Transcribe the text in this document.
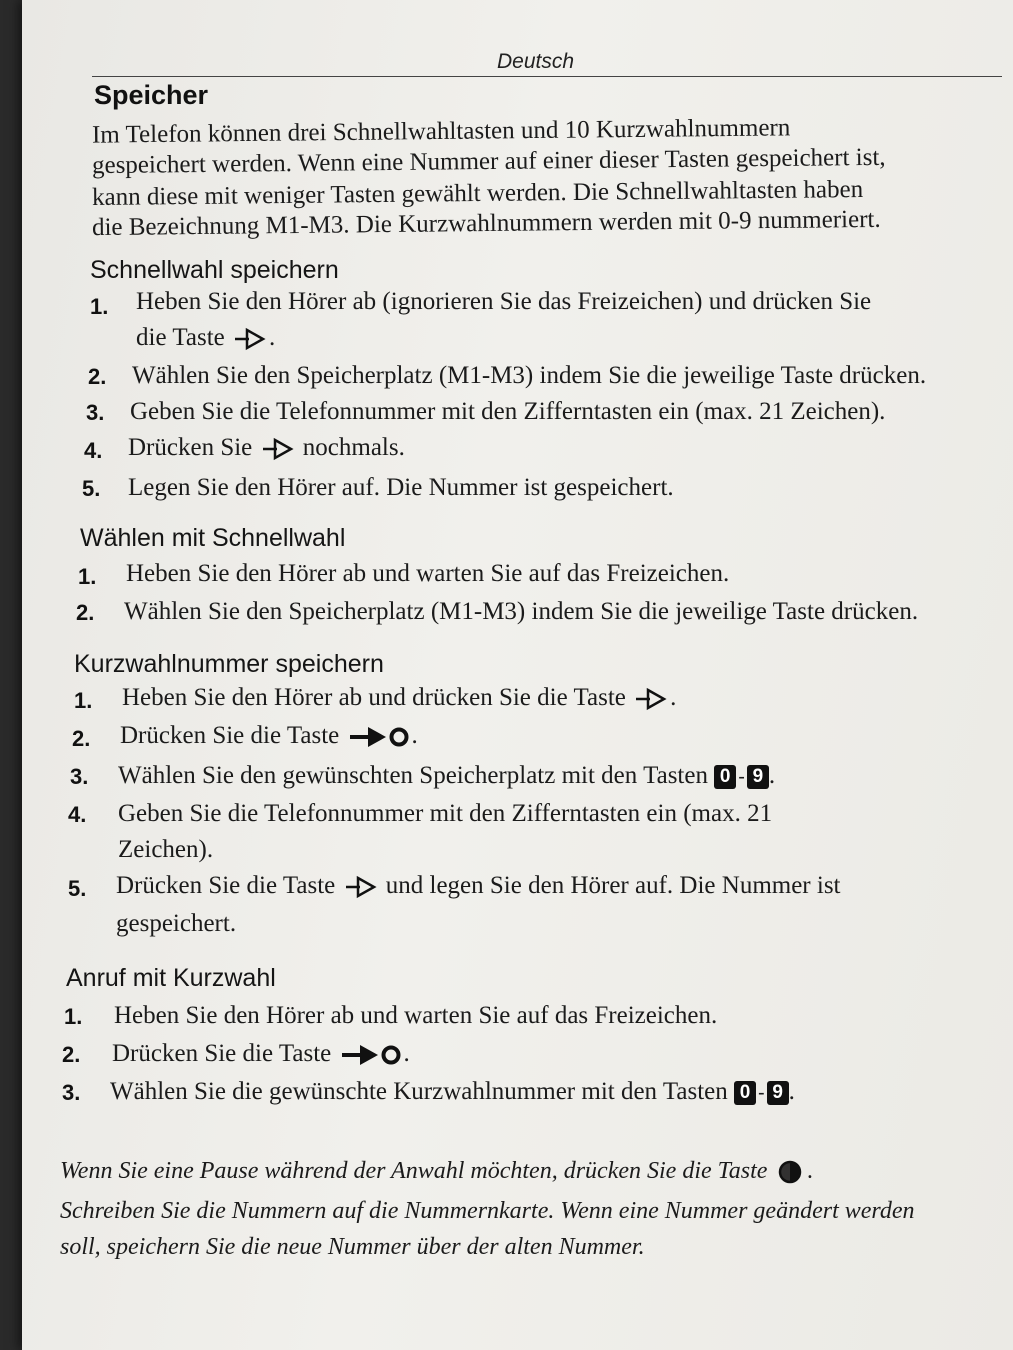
Deutsch
Speicher
Im Telefon können drei Schnellwahltasten und 10 Kurzwahlnummern
gespeichert werden. Wenn eine Nummer auf einer dieser Tasten gespeichert ist,
kann diese mit weniger Tasten gewählt werden. Die Schnellwahltasten haben
die Bezeichnung M1-M3. Die Kurzwahlnummern werden mit 0-9 nummeriert.
Schnellwahl speichern
1. Heben Sie den Hörer ab (ignorieren Sie das Freizeichen) und drücken Sie
die Taste .
2. Wählen Sie den Speicherplatz (M1-M3) indem Sie die jeweilige Taste drücken.
3. Geben Sie die Telefonnummer mit den Zifferntasten ein (max. 21 Zeichen).
4. Drücken Sie nochmals.
5. Legen Sie den Hörer auf. Die Nummer ist gespeichert.
Wählen mit Schnellwahl
1. Heben Sie den Hörer ab und warten Sie auf das Freizeichen.
2. Wählen Sie den Speicherplatz (M1-M3) indem Sie die jeweilige Taste drücken.
Kurzwahlnummer speichern
1. Heben Sie den Hörer ab und drücken Sie die Taste .
2. Drücken Sie die Taste	.
3. Wählen Sie den gewünschten Speicherplatz mit den Tasten 0 - 9 .
4. Geben Sie die Telefonnummer mit den Zifferntasten ein (max. 21
Zeichen).
5. Drücken Sie die Taste und legen Sie den Hörer auf. Die Nummer ist
gespeichert.
Anruf mit Kurzwahl
1. Heben Sie den Hörer ab und warten Sie auf das Freizeichen.
2. Drücken Sie die Taste	.
3. Wählen Sie die gewünschte Kurzwahlnummer mit den Tasten 0 - 9 .
Wenn Sie eine Pause während der Anwahl möchten, drücken Sie die Taste .
Schreiben Sie die Nummern auf die Nummernkarte. Wenn eine Nummer geändert werden
soll, speichern Sie die neue Nummer über der alten Nummer.
